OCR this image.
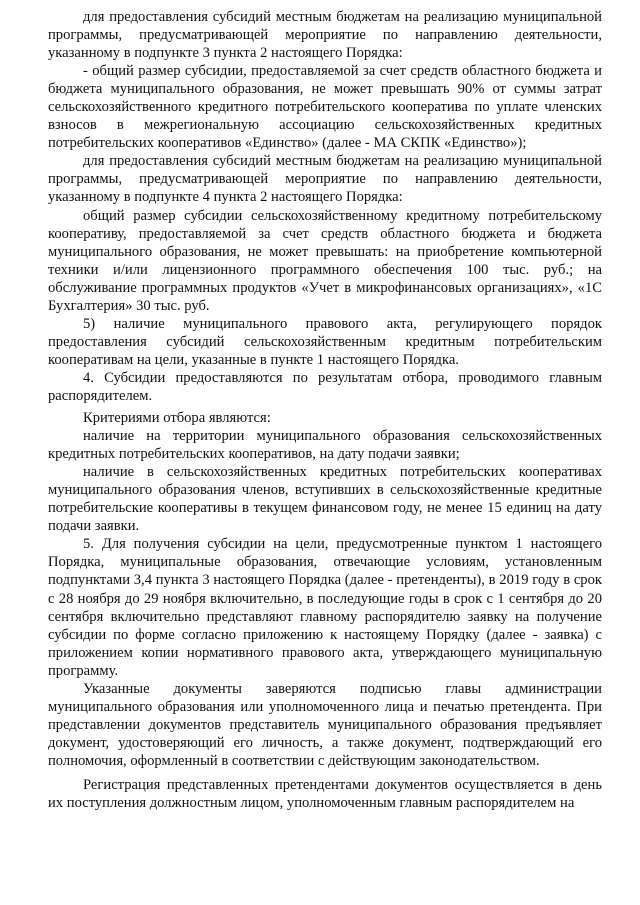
для предоставления субсидий местным бюджетам на реализацию муниципальной программы, предусматривающей мероприятие по направлению деятельности, указанному в подпункте 3 пункта 2 настоящего Порядка:

- общий размер субсидии, предоставляемой за счет средств областного бюджета и бюджета муниципального образования, не может превышать 90% от суммы затрат сельскохозяйственного кредитного потребительского кооператива по уплате членских взносов в межрегиональную ассоциацию сельскохозяйственных кредитных потребительских кооперативов «Единство» (далее - МА СКПК «Единство»);

для предоставления субсидий местным бюджетам на реализацию муниципальной программы, предусматривающей мероприятие по направлению деятельности, указанному в подпункте 4 пункта 2 настоящего Порядка:

общий размер субсидии сельскохозяйственному кредитному потребительскому кооперативу, предоставляемой за счет средств областного бюджета и бюджета муниципального образования, не может превышать: на приобретение компьютерной техники и/или лицензионного программного обеспечения 100 тыс. руб.; на обслуживание программных продуктов «Учет в микрофинансовых организациях», «1С Бухгалтерия» 30 тыс. руб.

5) наличие муниципального правового акта, регулирующего порядок предоставления субсидий сельскохозяйственным кредитным потребительским кооперативам на цели, указанные в пункте 1 настоящего Порядка.

4. Субсидии предоставляются по результатам отбора, проводимого главным распорядителем.

Критериями отбора являются:

наличие на территории муниципального образования сельскохозяйственных кредитных потребительских кооперативов, на дату подачи заявки;

наличие в сельскохозяйственных кредитных потребительских кооперативах муниципального образования членов, вступивших в сельскохозяйственные кредитные потребительские кооперативы в текущем финансовом году, не менее 15 единиц на дату подачи заявки.

5. Для получения субсидии на цели, предусмотренные пунктом 1 настоящего Порядка, муниципальные образования, отвечающие условиям, установленным подпунктами 3,4 пункта 3 настоящего Порядка (далее - претенденты), в 2019 году в срок с 28 ноября до 29 ноября включительно, в последующие годы в срок с 1 сентября до 20 сентября включительно представляют главному распорядителю заявку на получение субсидии по форме согласно приложению к настоящему Порядку (далее - заявка) с приложением копии нормативного правового акта, утверждающего муниципальную программу.

Указанные документы заверяются подписью главы администрации муниципального образования или уполномоченного лица и печатью претендента. При представлении документов представитель муниципального образования предъявляет документ, удостоверяющий его личность, а также документ, подтверждающий его полномочия, оформленный в соответствии с действующим законодательством.

Регистрация представленных претендентами документов осуществляется в день их поступления должностным лицом, уполномоченным главным распорядителем на
